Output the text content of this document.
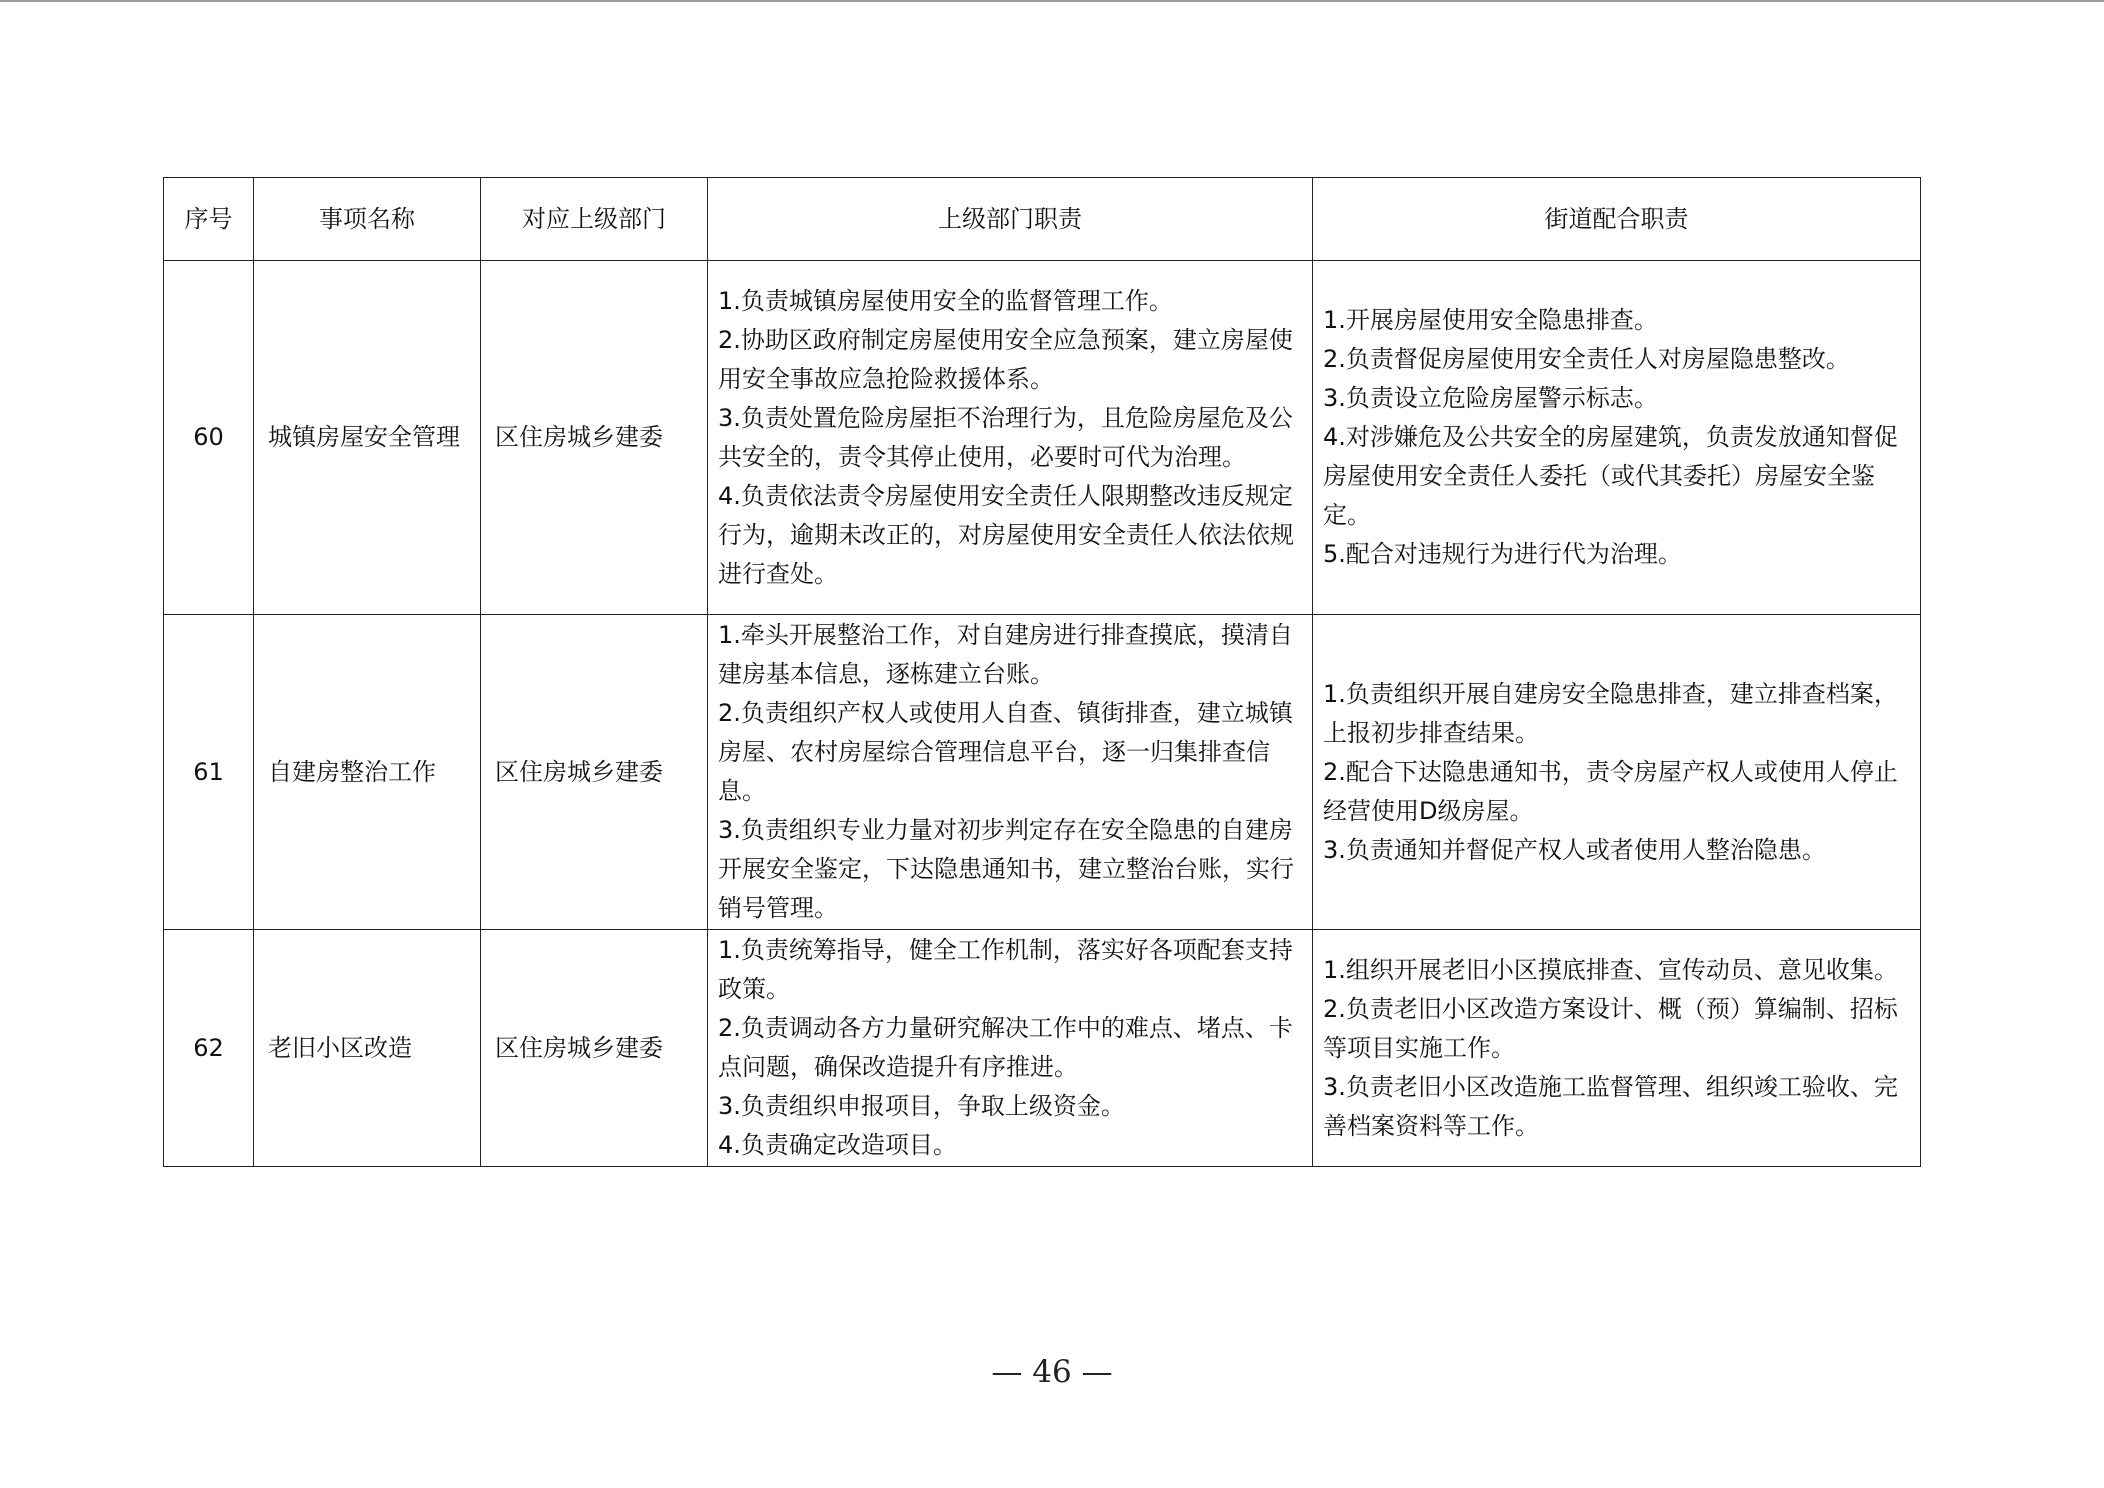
序号	事项名称	对应上级部门	上级部门职责	街道配合职责
60	城镇房屋安全管理	区住房城乡建委	1.负责城镇房屋使用安全的监督管理工作。
2.协助区政府制定房屋使用安全应急预案，建立房屋使用安全事故应急抢险救援体系。
3.负责处置危险房屋拒不治理行为，且危险房屋危及公共安全的，责令其停止使用，必要时可代为治理。
4.负责依法责令房屋使用安全责任人限期整改违反规定行为，逾期未改正的，对房屋使用安全责任人依法依规进行查处。	1.开展房屋使用安全隐患排查。
2.负责督促房屋使用安全责任人对房屋隐患整改。
3.负责设立危险房屋警示标志。
4.对涉嫌危及公共安全的房屋建筑，负责发放通知督促房屋使用安全责任人委托（或代其委托）房屋安全鉴定。
5.配合对违规行为进行代为治理。

61	自建房整治工作	区住房城乡建委	1.牵头开展整治工作，对自建房进行排查摸底，摸清自建房基本信息，逐栋建立台账。
2.负责组织产权人或使用人自查、镇街排查，建立城镇房屋、农村房屋综合管理信息平台，逐一归集排查信息。
3.负责组织专业力量对初步判定存在安全隐患的自建房开展安全鉴定，下达隐患通知书，建立整治台账，实行销号管理。	1.负责组织开展自建房安全隐患排查，建立排查档案，上报初步排查结果。
2.配合下达隐患通知书，责令房屋产权人或使用人停止经营使用D级房屋。
3.负责通知并督促产权人或者使用人整治隐患。

62	老旧小区改造	区住房城乡建委	1.负责统筹指导，健全工作机制，落实好各项配套支持政策。
2.负责调动各方力量研究解决工作中的难点、堵点、卡点问题，确保改造提升有序推进。
3.负责组织申报项目，争取上级资金。
4.负责确定改造项目。	1.组织开展老旧小区摸底排查、宣传动员、意见收集。
2.负责老旧小区改造方案设计、概（预）算编制、招标等项目实施工作。
3.负责老旧小区改造施工监督管理、组织竣工验收、完善档案资料等工作。
— 46 —
